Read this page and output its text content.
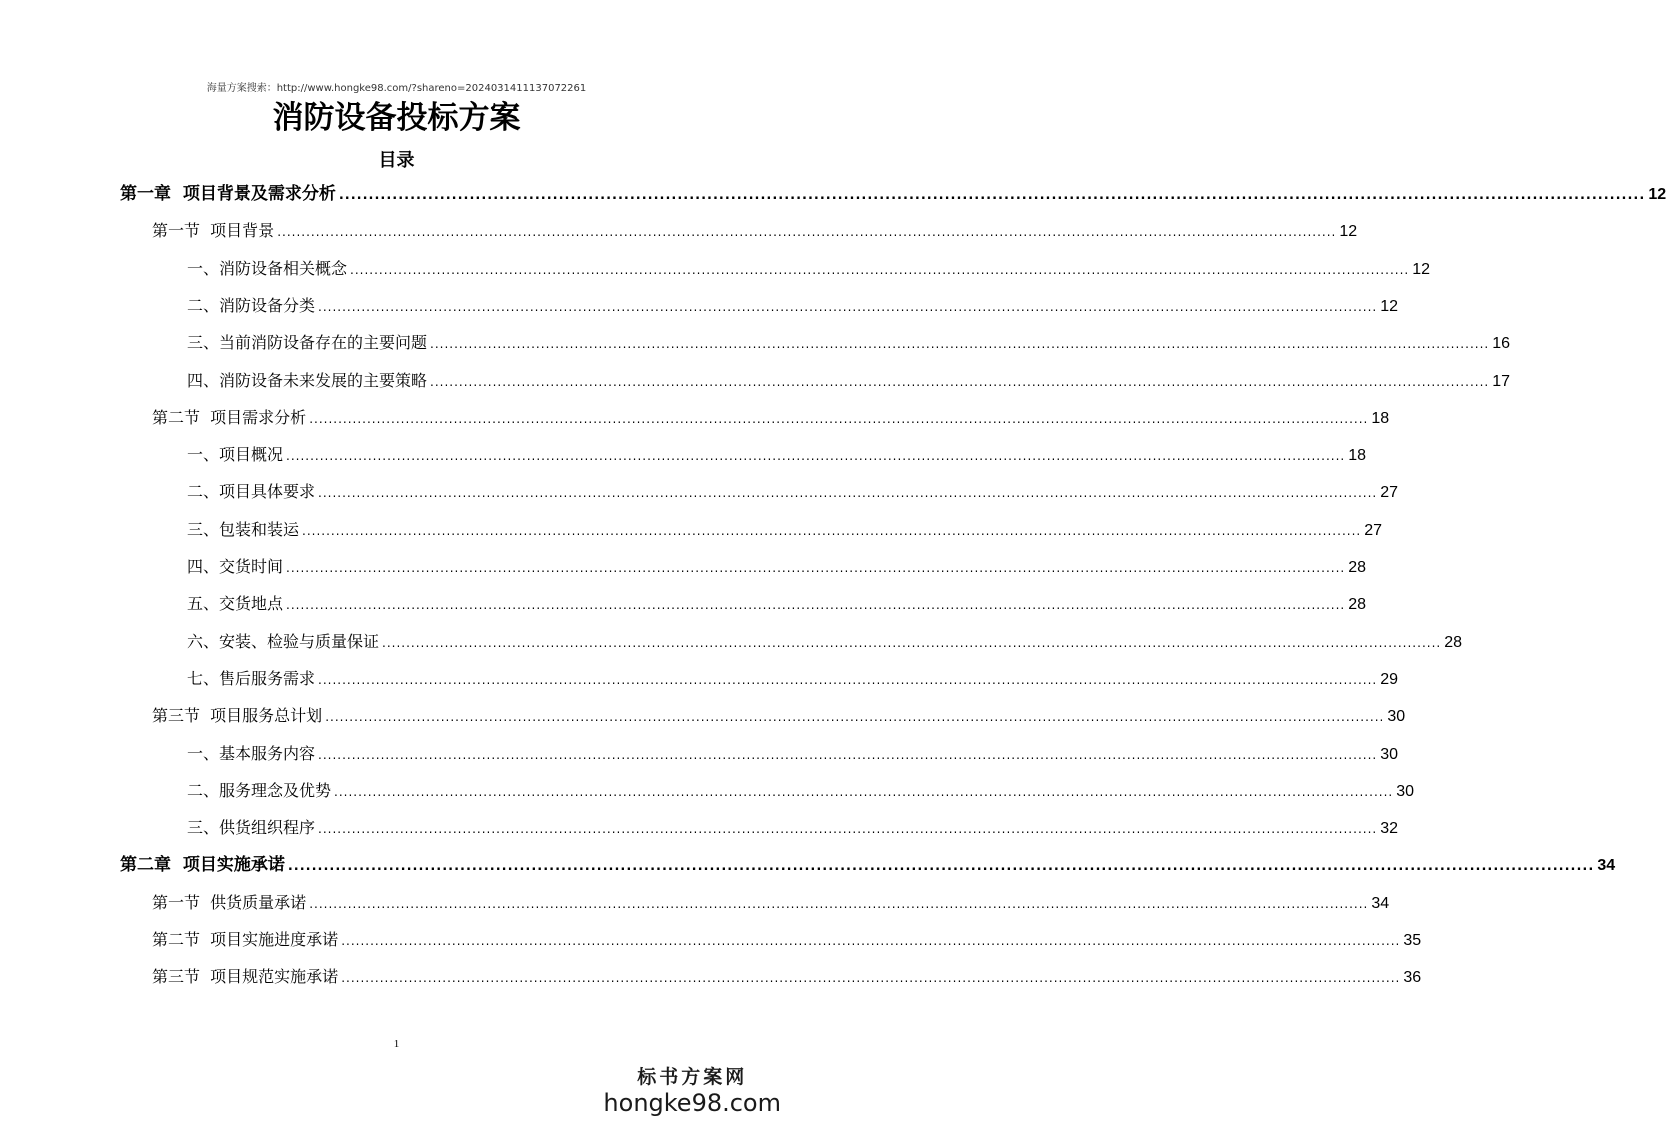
海量方案搜索：http://www.hongke98.com/?shareno=2024031411137072261
消防设备投标方案
目录
第一章  项目背景及需求分析 ............................................................................................................................................................................................................................ 12
第一节  项目背景 ............................................................................................................................................................................................................................ 12
一、消防设备相关概念 ............................................................................................................................................................................................................................ 12
二、消防设备分类 ............................................................................................................................................................................................................................ 12
三、当前消防设备存在的主要问题 ............................................................................................................................................................................................................................ 16
四、消防设备未来发展的主要策略 ............................................................................................................................................................................................................................ 17
第二节  项目需求分析 ............................................................................................................................................................................................................................ 18
一、项目概况 ............................................................................................................................................................................................................................ 18
二、项目具体要求 ............................................................................................................................................................................................................................ 27
三、包装和装运 ............................................................................................................................................................................................................................ 27
四、交货时间 ............................................................................................................................................................................................................................ 28
五、交货地点 ............................................................................................................................................................................................................................ 28
六、安装、检验与质量保证 ............................................................................................................................................................................................................................ 28
七、售后服务需求 ............................................................................................................................................................................................................................ 29
第三节  项目服务总计划 ............................................................................................................................................................................................................................ 30
一、基本服务内容 ............................................................................................................................................................................................................................ 30
二、服务理念及优势 ............................................................................................................................................................................................................................ 30
三、供货组织程序 ............................................................................................................................................................................................................................ 32
第二章  项目实施承诺 ............................................................................................................................................................................................................................ 34
第一节  供货质量承诺 ............................................................................................................................................................................................................................ 34
第二节  项目实施进度承诺 ............................................................................................................................................................................................................................ 35
第三节  项目规范实施承诺 ............................................................................................................................................................................................................................ 36
1
标书方案网
hongke98.com
